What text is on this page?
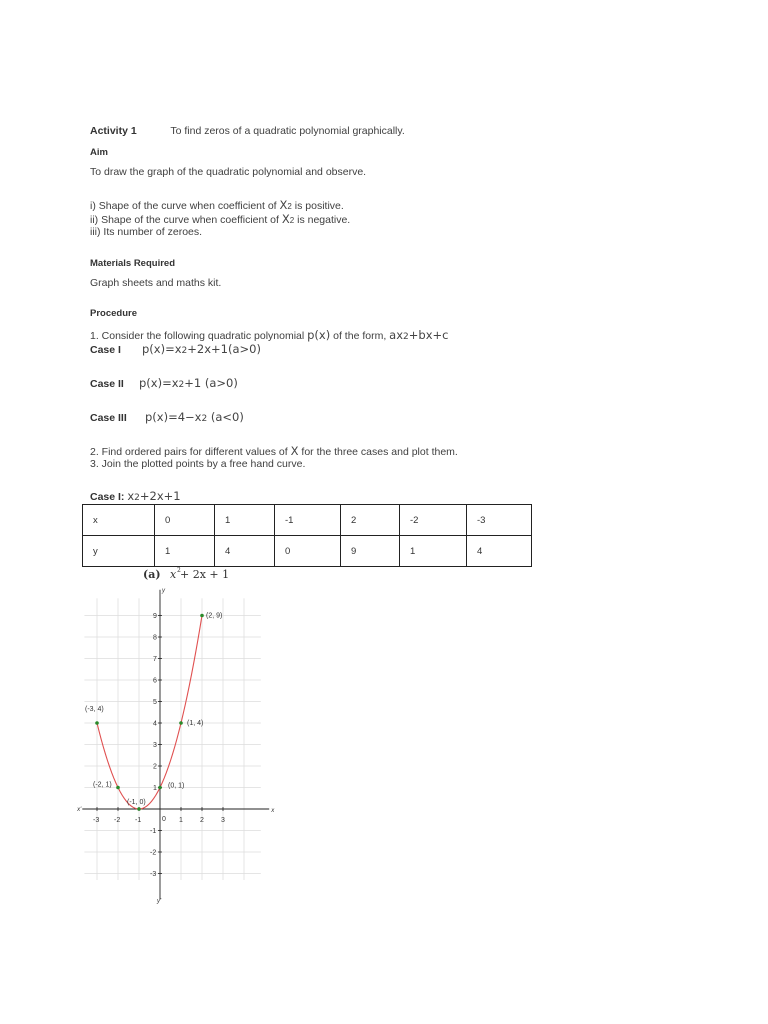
Activity 1	To find zeros of a quadratic polynomial graphically.
Aim
To draw the graph of the quadratic polynomial and observe.
i) Shape of the curve when coefficient of X2 is positive.
ii) Shape of the curve when coefficient of X2 is negative.
iii) Its number of zeroes.
Materials Required
Graph sheets and maths kit.
Procedure
1. Consider the following quadratic polynomial p(x) of the form, ax2+bx+c
Case I p(x)=x2+2x+1(a>0)
Case II p(x)=x2+1 (a>0)
Case III p(x)=4−x2 (a<0)
2. Find ordered pairs for different values of X for the three cases and plot them.
3. Join the plotted points by a free hand curve.
Case I: x2+2x+1
x	0	1	-1	2	-2	-3
y	1	4	0	9	1	4
(a) x 2 + 2x + 1
x
x'
y
y'
0
-3 -2 -1	1 2 3
-3
-2
-1
1
2
3
4
5
6
7
8
9
(-3, 4)
(-2, 1)
(-1, 0)
(0, 1)
(1, 4)
(2, 9)
